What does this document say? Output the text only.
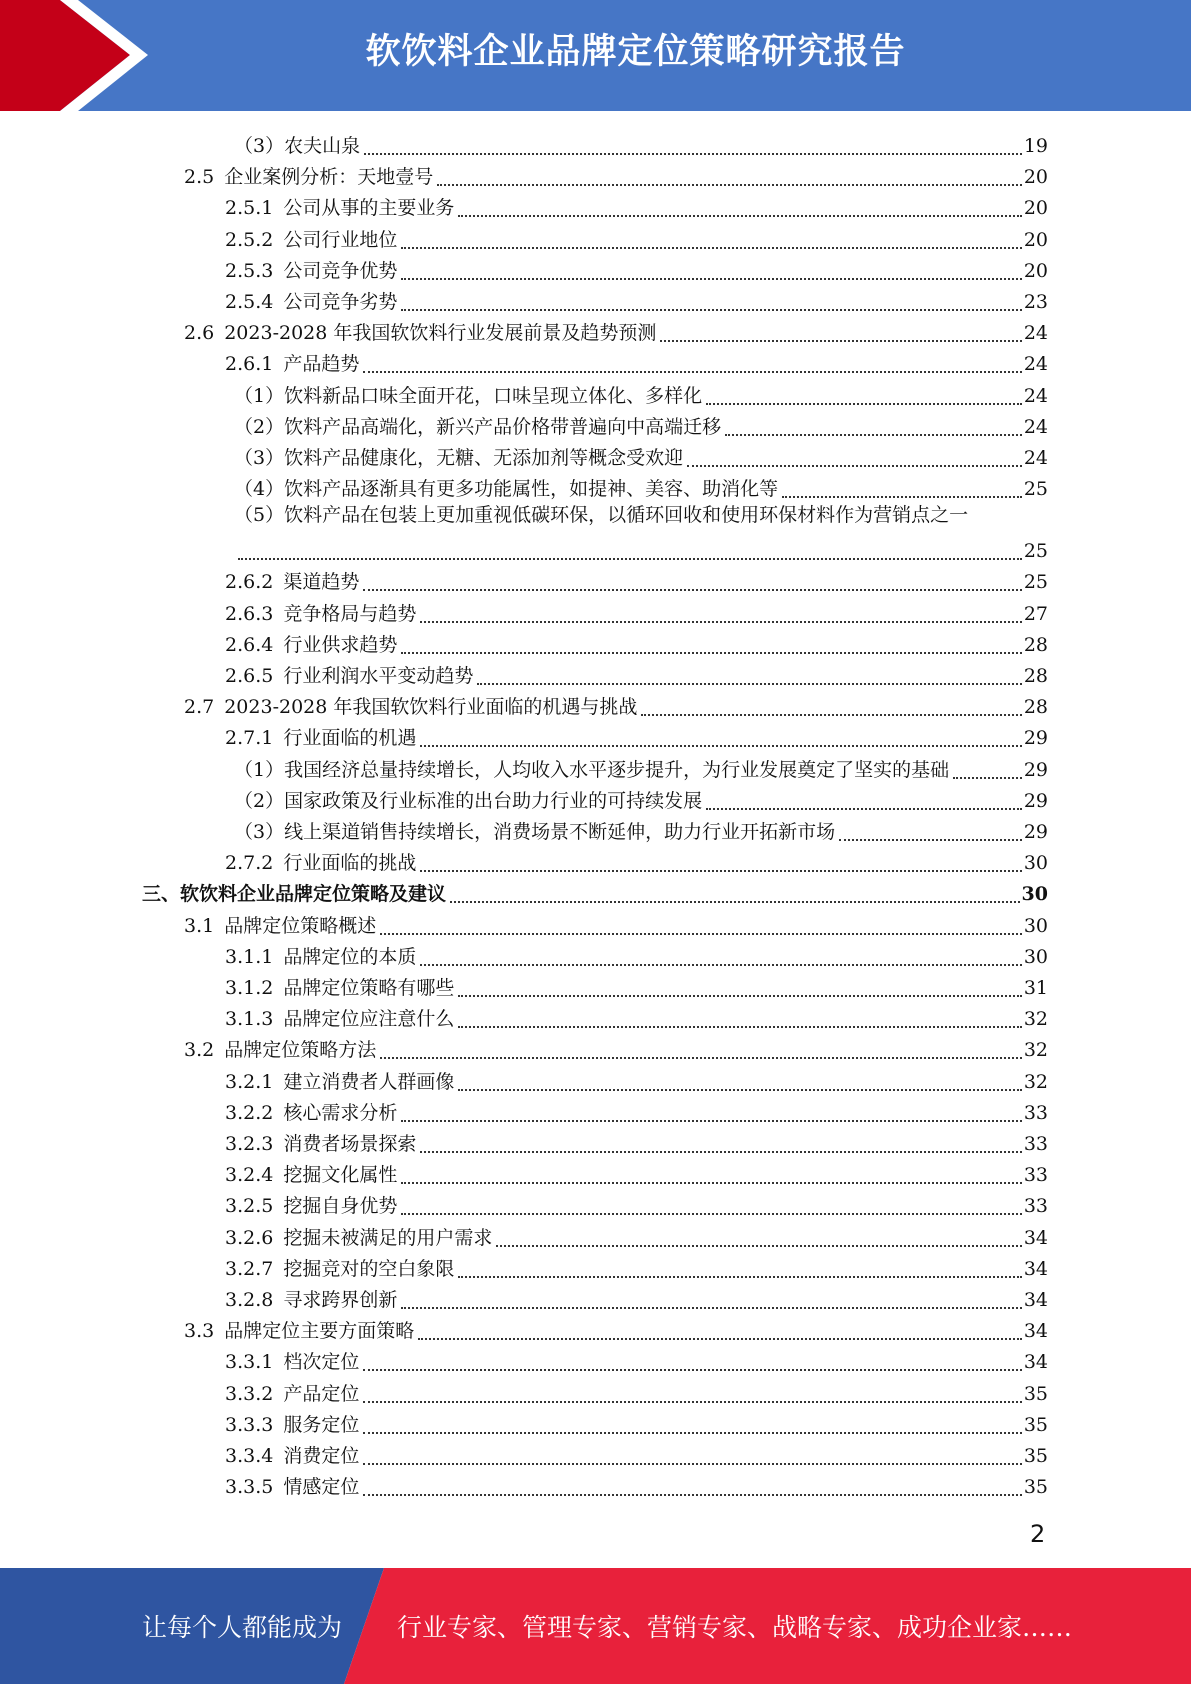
软饮料企业品牌定位策略研究报告
（3）农夫山泉	19
2.5 企业案例分析：天地壹号	20
2.5.1 公司从事的主要业务	20
2.5.2 公司行业地位	20
2.5.3 公司竞争优势	20
2.5.4 公司竞争劣势	23
2.6 2023-2028 年我国软饮料行业发展前景及趋势预测	24
2.6.1 产品趋势	24
（1）饮料新品口味全面开花，口味呈现立体化、多样化	24
（2）饮料产品高端化，新兴产品价格带普遍向中高端迁移	24
（3）饮料产品健康化，无糖、无添加剂等概念受欢迎	24
（4）饮料产品逐渐具有更多功能属性，如提神、美容、助消化等	25
（5）饮料产品在包装上更加重视低碳环保，以循环回收和使用环保材料作为营销点之一
25
2.6.2 渠道趋势	25
2.6.3 竞争格局与趋势	27
2.6.4 行业供求趋势	28
2.6.5 行业利润水平变动趋势	28
2.7 2023-2028 年我国软饮料行业面临的机遇与挑战	28
2.7.1 行业面临的机遇	29
（1）我国经济总量持续增长，人均收入水平逐步提升，为行业发展奠定了坚实的基础	29
（2）国家政策及行业标准的出台助力行业的可持续发展	29
（3）线上渠道销售持续增长，消费场景不断延伸，助力行业开拓新市场	29
2.7.2 行业面临的挑战	30
三、软饮料企业品牌定位策略及建议	30
3.1 品牌定位策略概述	30
3.1.1 品牌定位的本质	30
3.1.2 品牌定位策略有哪些	31
3.1.3 品牌定位应注意什么	32
3.2 品牌定位策略方法	32
3.2.1 建立消费者人群画像	32
3.2.2 核心需求分析	33
3.2.3 消费者场景探索	33
3.2.4 挖掘文化属性	33
3.2.5 挖掘自身优势	33
3.2.6 挖掘未被满足的用户需求	34
3.2.7 挖掘竞对的空白象限	34
3.2.8 寻求跨界创新	34
3.3 品牌定位主要方面策略	34
3.3.1 档次定位	34
3.3.2 产品定位	35
3.3.3 服务定位	35
3.3.4 消费定位	35
3.3.5 情感定位	35
2
让每个人都能成为 行业专家、管理专家、营销专家、战略专家、成功企业家……
